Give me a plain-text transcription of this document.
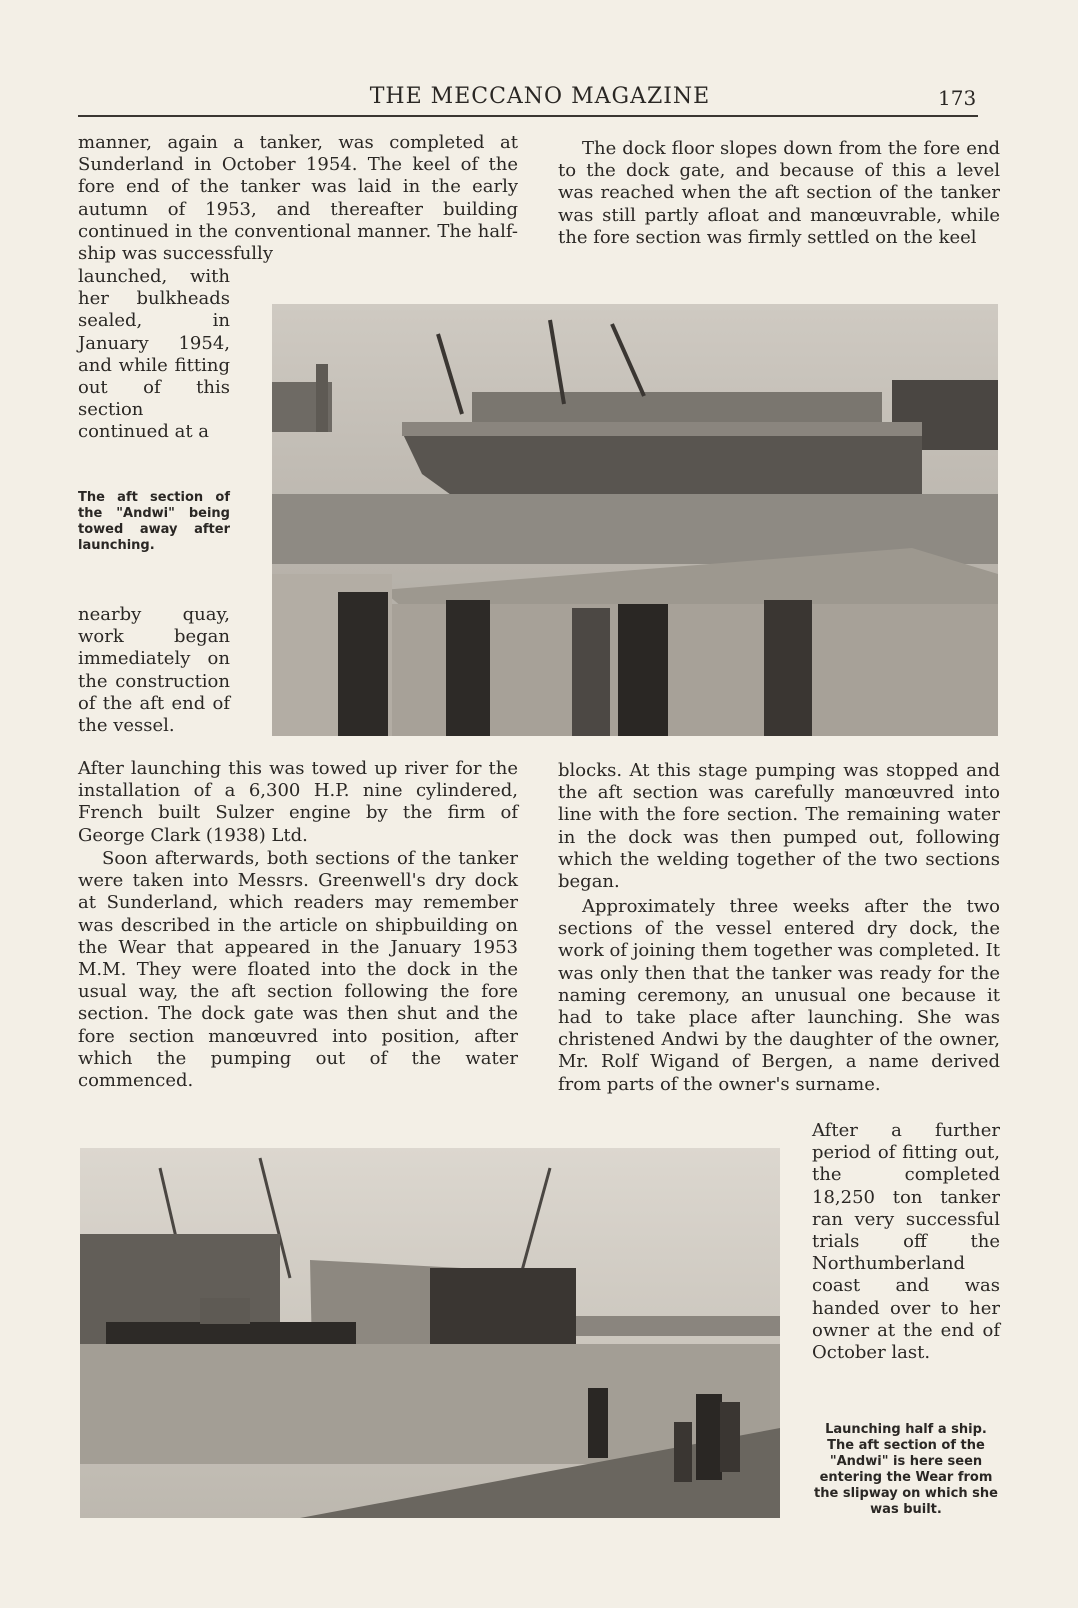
THE MECCANO MAGAZINE	173

manner, again a tanker, was completed at Sunderland in October 1954. The keel of the fore end of the tanker was laid in the early autumn of 1953, and thereafter building continued in the conventional manner. The half-ship was successfully

launched, with her bulkheads sealed, in January 1954, and while fitting out of this section continued at a

The aft section of the "Andwi" being towed away after launching.

nearby quay, work began immediately on the construction of the aft end of the vessel.

After launching this was towed up river for the installation of a 6,300 H.P. nine cylindered, French built Sulzer engine by the firm of George Clark (1938) Ltd.

Soon afterwards, both sections of the tanker were taken into Messrs. Greenwell's dry dock at Sunderland, which readers may remember was described in the article on shipbuilding on the Wear that appeared in the January 1953 M.M. They were floated into the dock in the usual way, the aft section following the fore section. The dock gate was then shut and the fore section manœuvred into position, after which the pumping out of the water commenced.

The dock floor slopes down from the fore end to the dock gate, and because of this a level was reached when the aft section of the tanker was still partly afloat and manœuvrable, while the fore section was firmly settled on the keel

blocks. At this stage pumping was stopped and the aft section was carefully manœuvred into line with the fore section. The remaining water in the dock was then pumped out, following which the welding together of the two sections began.

Approximately three weeks after the two sections of the vessel entered dry dock, the work of joining them together was completed. It was only then that the tanker was ready for the naming ceremony, an unusual one because it had to take place after launching. She was christened Andwi by the daughter of the owner, Mr. Rolf Wigand of Bergen, a name derived from parts of the owner's surname.

After a further period of fitting out, the completed 18,250 ton tanker ran very successful trials off the Northumberland coast and was handed over to her owner at the end of October last.

Launching half a ship. The aft section of the "Andwi" is here seen entering the Wear from the slipway on which she was built.
